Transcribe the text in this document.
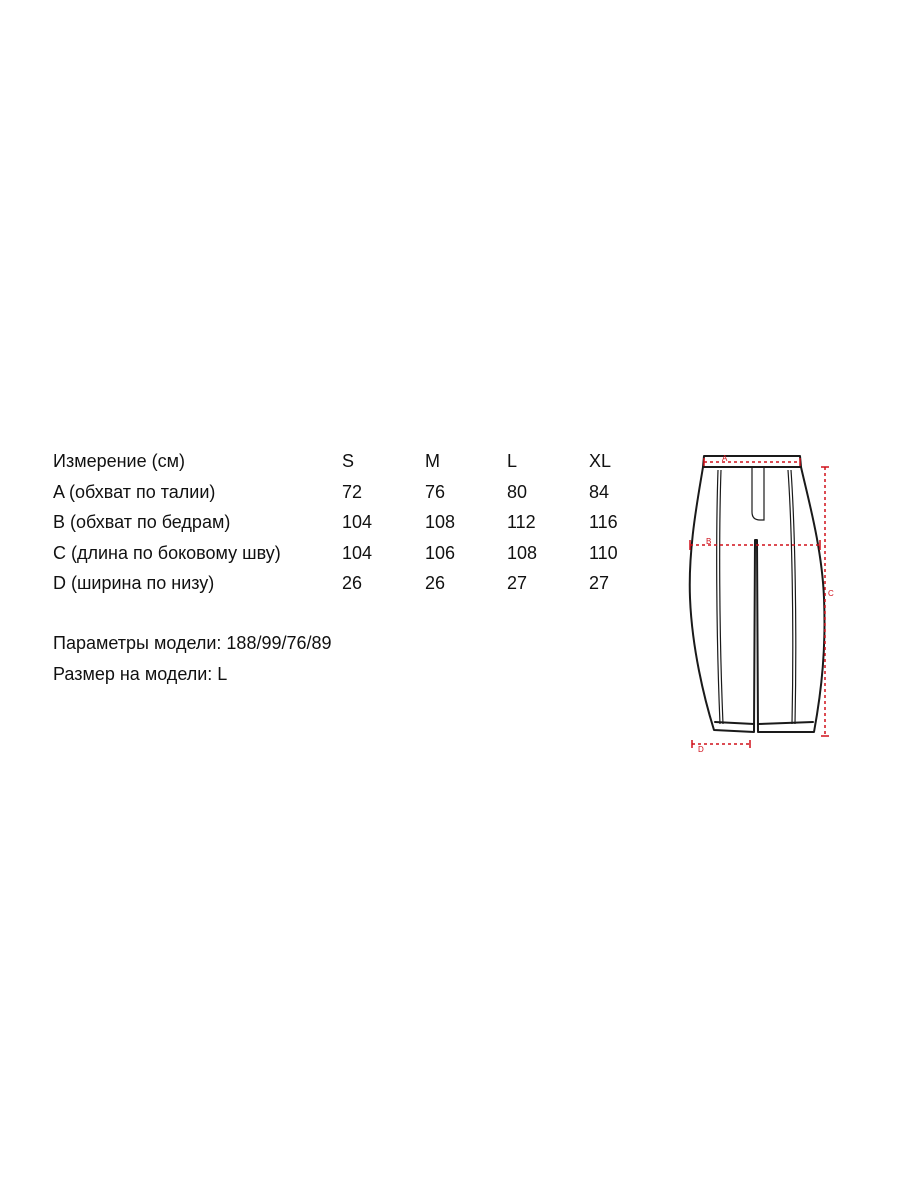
Измерение (см)	S	M	L	XL
A (обхват по талии)	72	76	80	84
B (обхват по бедрам)	104	108	112	116
C (длина по боковому шву)	104	106	108	110
D (ширина по низу)	26	26	27	27
Параметры модели: 188/99/76/89
Размер на модели: L
A
B
C
D
